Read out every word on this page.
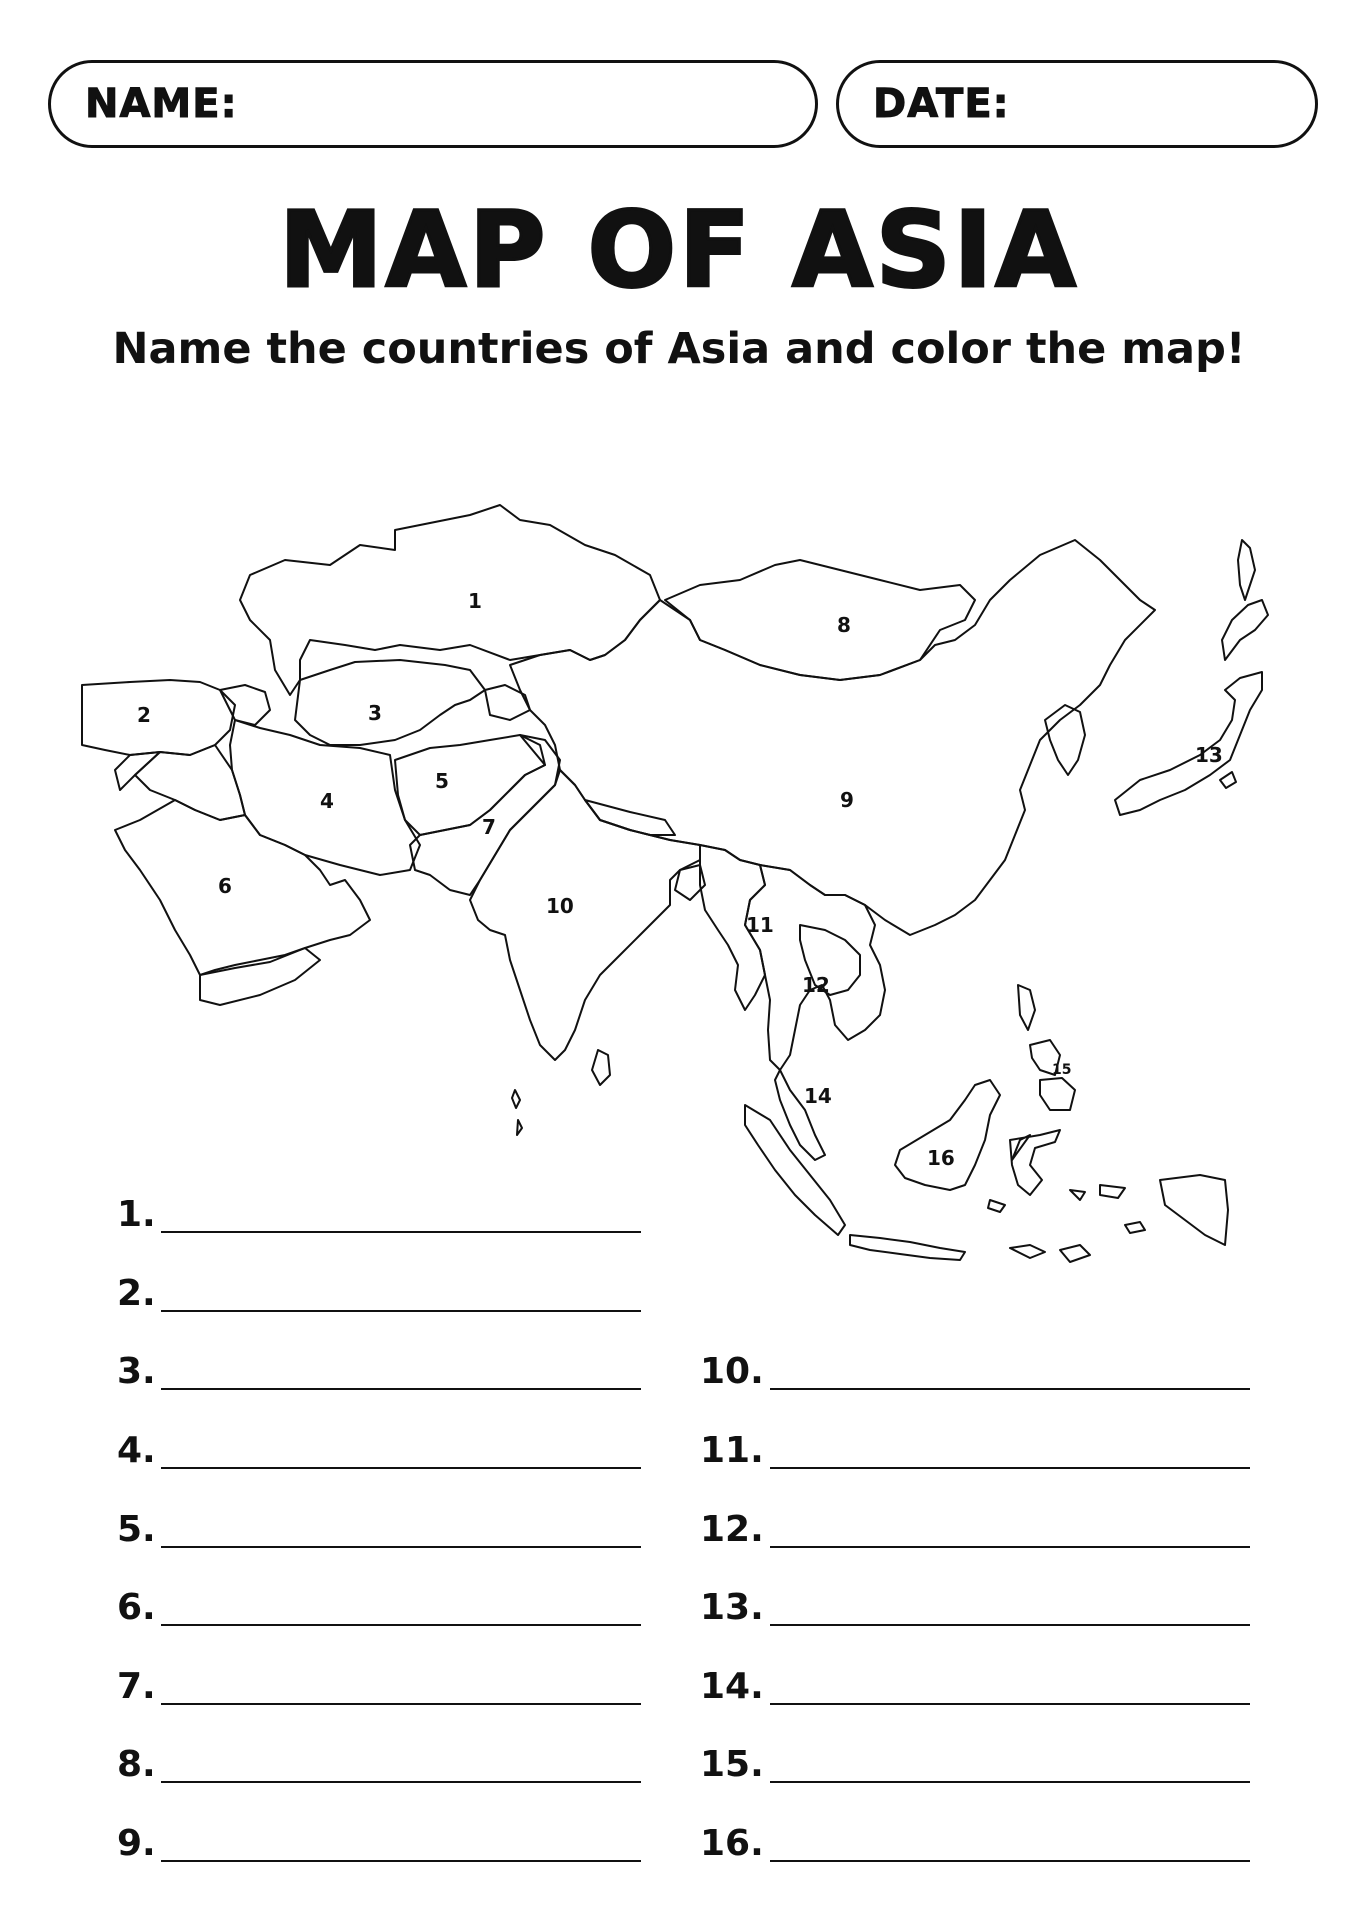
NAME:	DATE:
MAP OF ASIA
Name the countries of Asia and color the map!
1
2	3
4
5
6
7
8
9
10
11
12
13
14
15
16
1.
2.
3.
4.
5.
6.
7.
8.
9.
10.
11.
12.
13.
14.
15.
16.
